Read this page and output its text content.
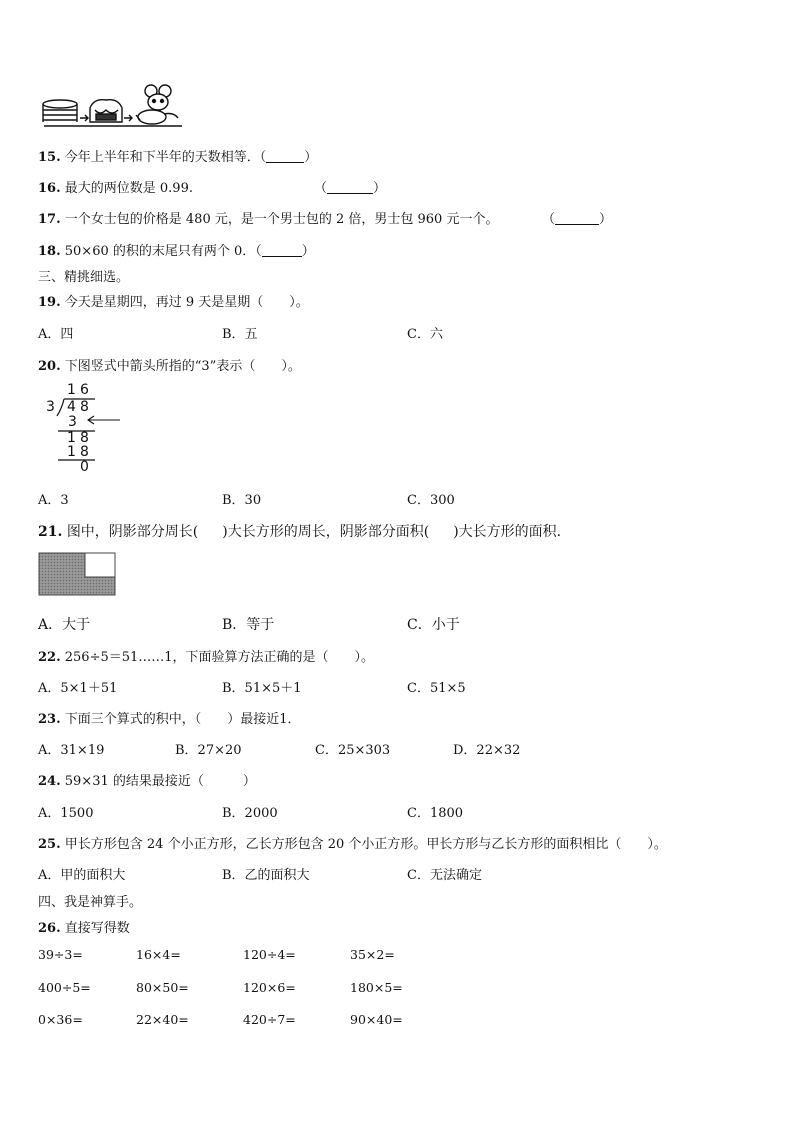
15. 今年上半年和下半年的天数相等．（	）
16. 最大的两位数是 0.99.	（	）
17. 一个女士包的价格是 480 元，是一个男士包的 2 倍，男士包 960 元一个。	（	）
18. 50×60 的积的末尾只有两个 0．（	）
三、精挑细选。
19. 今天是星期四，再过 9 天是星期（　　）。
A．四	B．五	C．六
20. 下图竖式中箭头所指的“3”表示（　　）。
1 6
3 4 8
3
1 8
1 8
0
A．3	B．30	C．300
21. 图中，阴影部分周长( )大长方形的周长，阴影部分面积( )大长方形的面积．
A．大于	B．等于	C．小于
22. 256÷5＝51……1，下面验算方法正确的是（　　）。
A．5×1＋51	B．51×5＋1	C．51×5
23. 下面三个算式的积中，（　　）最接近1．
A．31×19	B．27×20	C．25×303	D．22×32
24. 59×31 的结果最接近（　　　）
A．1500	B．2000	C．1800
25. 甲长方形包含 24 个小正方形，乙长方形包含 20 个小正方形。甲长方形与乙长方形的面积相比（　　）。
A．甲的面积大	B．乙的面积大	C．无法确定
四、我是神算手。
26. 直接写得数
39÷3=	16×4=	120÷4=	35×2=
400÷5=	80×50=	120×6=	180×5=
0×36=	22×40=	420÷7=	90×40=
